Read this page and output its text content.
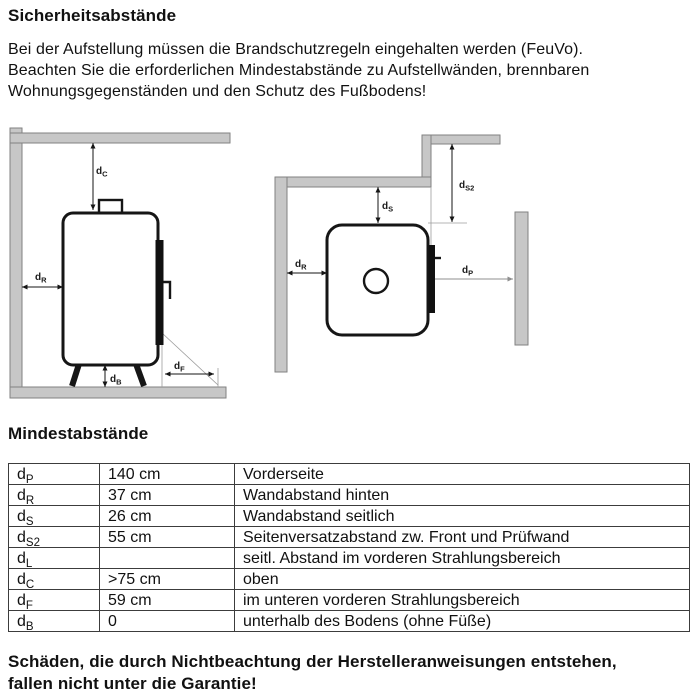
Sicherheitsabstände
Bei der Aufstellung müssen die Brandschutzregeln eingehalten werden (FeuVo).
Beachten Sie die erforderlichen Mindestabstände zu Aufstellwänden, brennbaren
Wohnungsgegenständen und den Schutz des Fußbodens!
$d_C$
$d_R$
$d_B$
$d_F$
$d_S$
$d_{S2}$
$d_R$	$d_P$
Mindestabstände
$d_P$	140 cm	Vorderseite
$d_R$	37 cm	Wandabstand hinten
$d_S$	26 cm	Wandabstand seitlich
$d_{S2}$	55 cm	Seitenversatzabstand zw. Front und Prüfwand
$d_L$		seitl. Abstand im vorderen Strahlungsbereich
$d_C$	>75 cm	oben
$d_F$	59 cm	im unteren vorderen Strahlungsbereich
$d_B$	0	unterhalb des Bodens (ohne Füße)
Schäden, die durch Nichtbeachtung der Herstelleranweisungen entstehen,
fallen nicht unter die Garantie!
